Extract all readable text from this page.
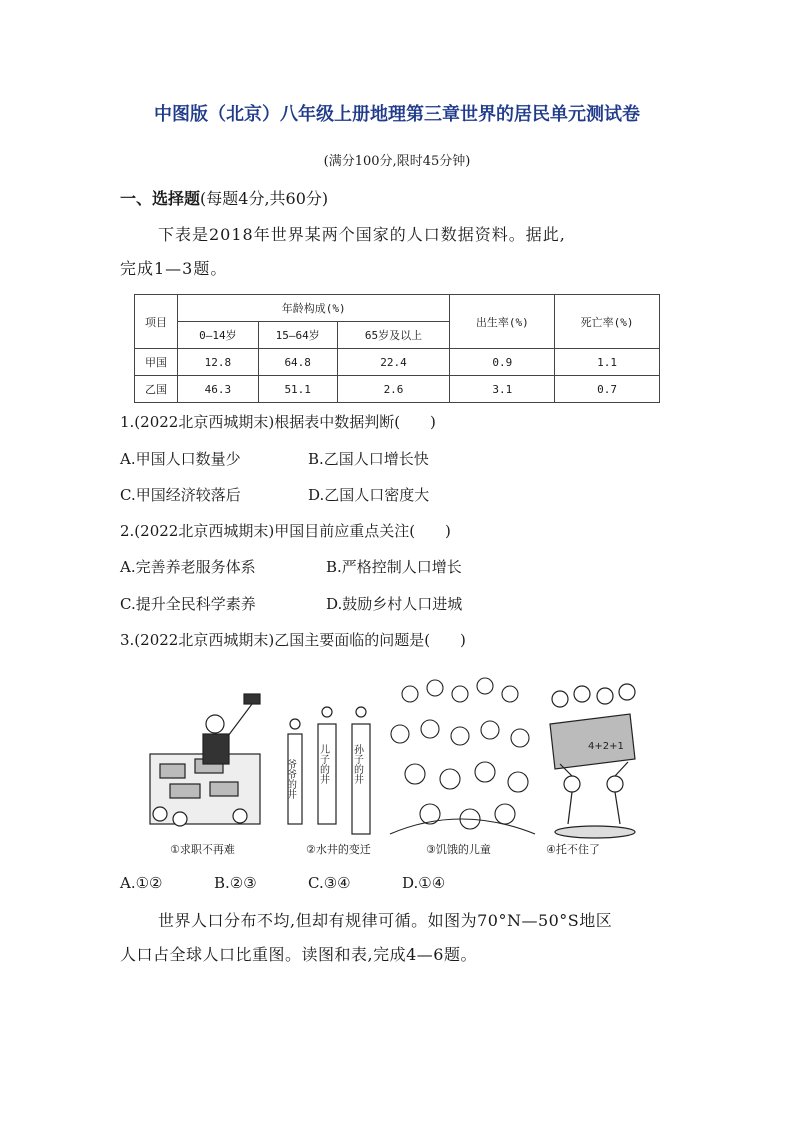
中图版（北京）八年级上册地理第三章世界的居民单元测试卷
(满分100分,限时45分钟)
一、选择题(每题4分,共60分)
下表是2018年世界某两个国家的人口数据资料。据此,
完成1—3题。
项目	年龄构成(%)			出生率(%)	死亡率(%)
	0—14岁	15—64岁	65岁及以上		
甲国	12.8	64.8	22.4	0.9	1.1
乙国	46.3	51.1	2.6	3.1	0.7
1.(2022北京西城期末)根据表中数据判断(　　)
A.甲国人口数量少	B.乙国人口增长快
C.甲国经济较落后	D.乙国人口密度大
2.(2022北京西城期末)甲国目前应重点关注(　　)
A.完善养老服务体系	B.严格控制人口增长
C.提升全民科学素养	D.鼓励乡村人口进城
3.(2022北京西城期末)乙国主要面临的问题是(　　)
爷爷的井 儿子的井 孙子的井	4+2+1
①求职不再难	②水井的变迁	③饥饿的儿童	④托不住了
A.①②	B.②③	C.③④	D.①④
世界人口分布不均,但却有规律可循。如图为70°N—50°S地区
人口占全球人口比重图。读图和表,完成4—6题。
